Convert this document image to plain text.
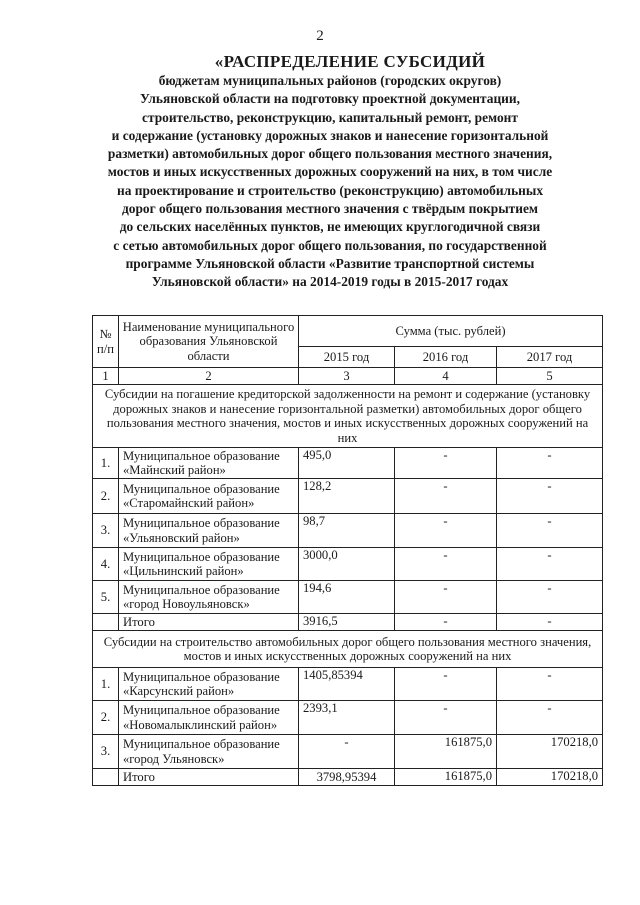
2
«РАСПРЕДЕЛЕНИЕ СУБСИДИЙ
бюджетам муниципальных районов (городских округов)
Ульяновской области на подготовку проектной документации,
строительство, реконструкцию, капитальный ремонт, ремонт
и содержание (установку дорожных знаков и нанесение горизонтальной
разметки) автомобильных дорог общего пользования местного значения,
мостов и иных искусственных дорожных сооружений на них, в том числе
на проектирование и строительство (реконструкцию) автомобильных
дорог общего пользования местного значения с твёрдым покрытием
до сельских населённых пунктов, не имеющих круглогодичной связи
с сетью автомобильных дорог общего пользования, по государственной
программе Ульяновской области «Развитие транспортной системы
Ульяновской области» на 2014-2019 годы в 2015-2017 годах
№ п/п	Наименование муниципального образования Ульяновской области	Сумма (тыс. рублей)		
		2015 год	2016 год	2017 год
1	2	3	4	5
Субсидии на погашение кредиторской задолженности на ремонт и содержание (установку дорожных знаков и нанесение горизонтальной разметки) автомобильных дорог общего пользования местного значения, мостов и иных искусственных дорожных сооружений на них				
1.	Муниципальное образование
«Майнский район»	495,0	-	-
2.	Муниципальное образование
«Старомайнский район»	128,2	-	-
3.	Муниципальное образование
«Ульяновский район»	98,7	-	-
4.	Муниципальное образование
«Цильнинский район»	3000,0	-	-
5.	Муниципальное образование
«город Новоульяновск»	194,6	-	-
	Итого	3916,5	-	-
Субсидии на строительство автомобильных дорог общего пользования местного значения, мостов и иных искусственных дорожных сооружений на них				
1.	Муниципальное образование
«Карсунский район»	1405,85394	-	-
2.	Муниципальное образование
«Новомалыклинский район»	2393,1	-	-
3.	Муниципальное образование
«город Ульяновск»	-	161875,0	170218,0
	Итого	3798,95394	161875,0	170218,0
